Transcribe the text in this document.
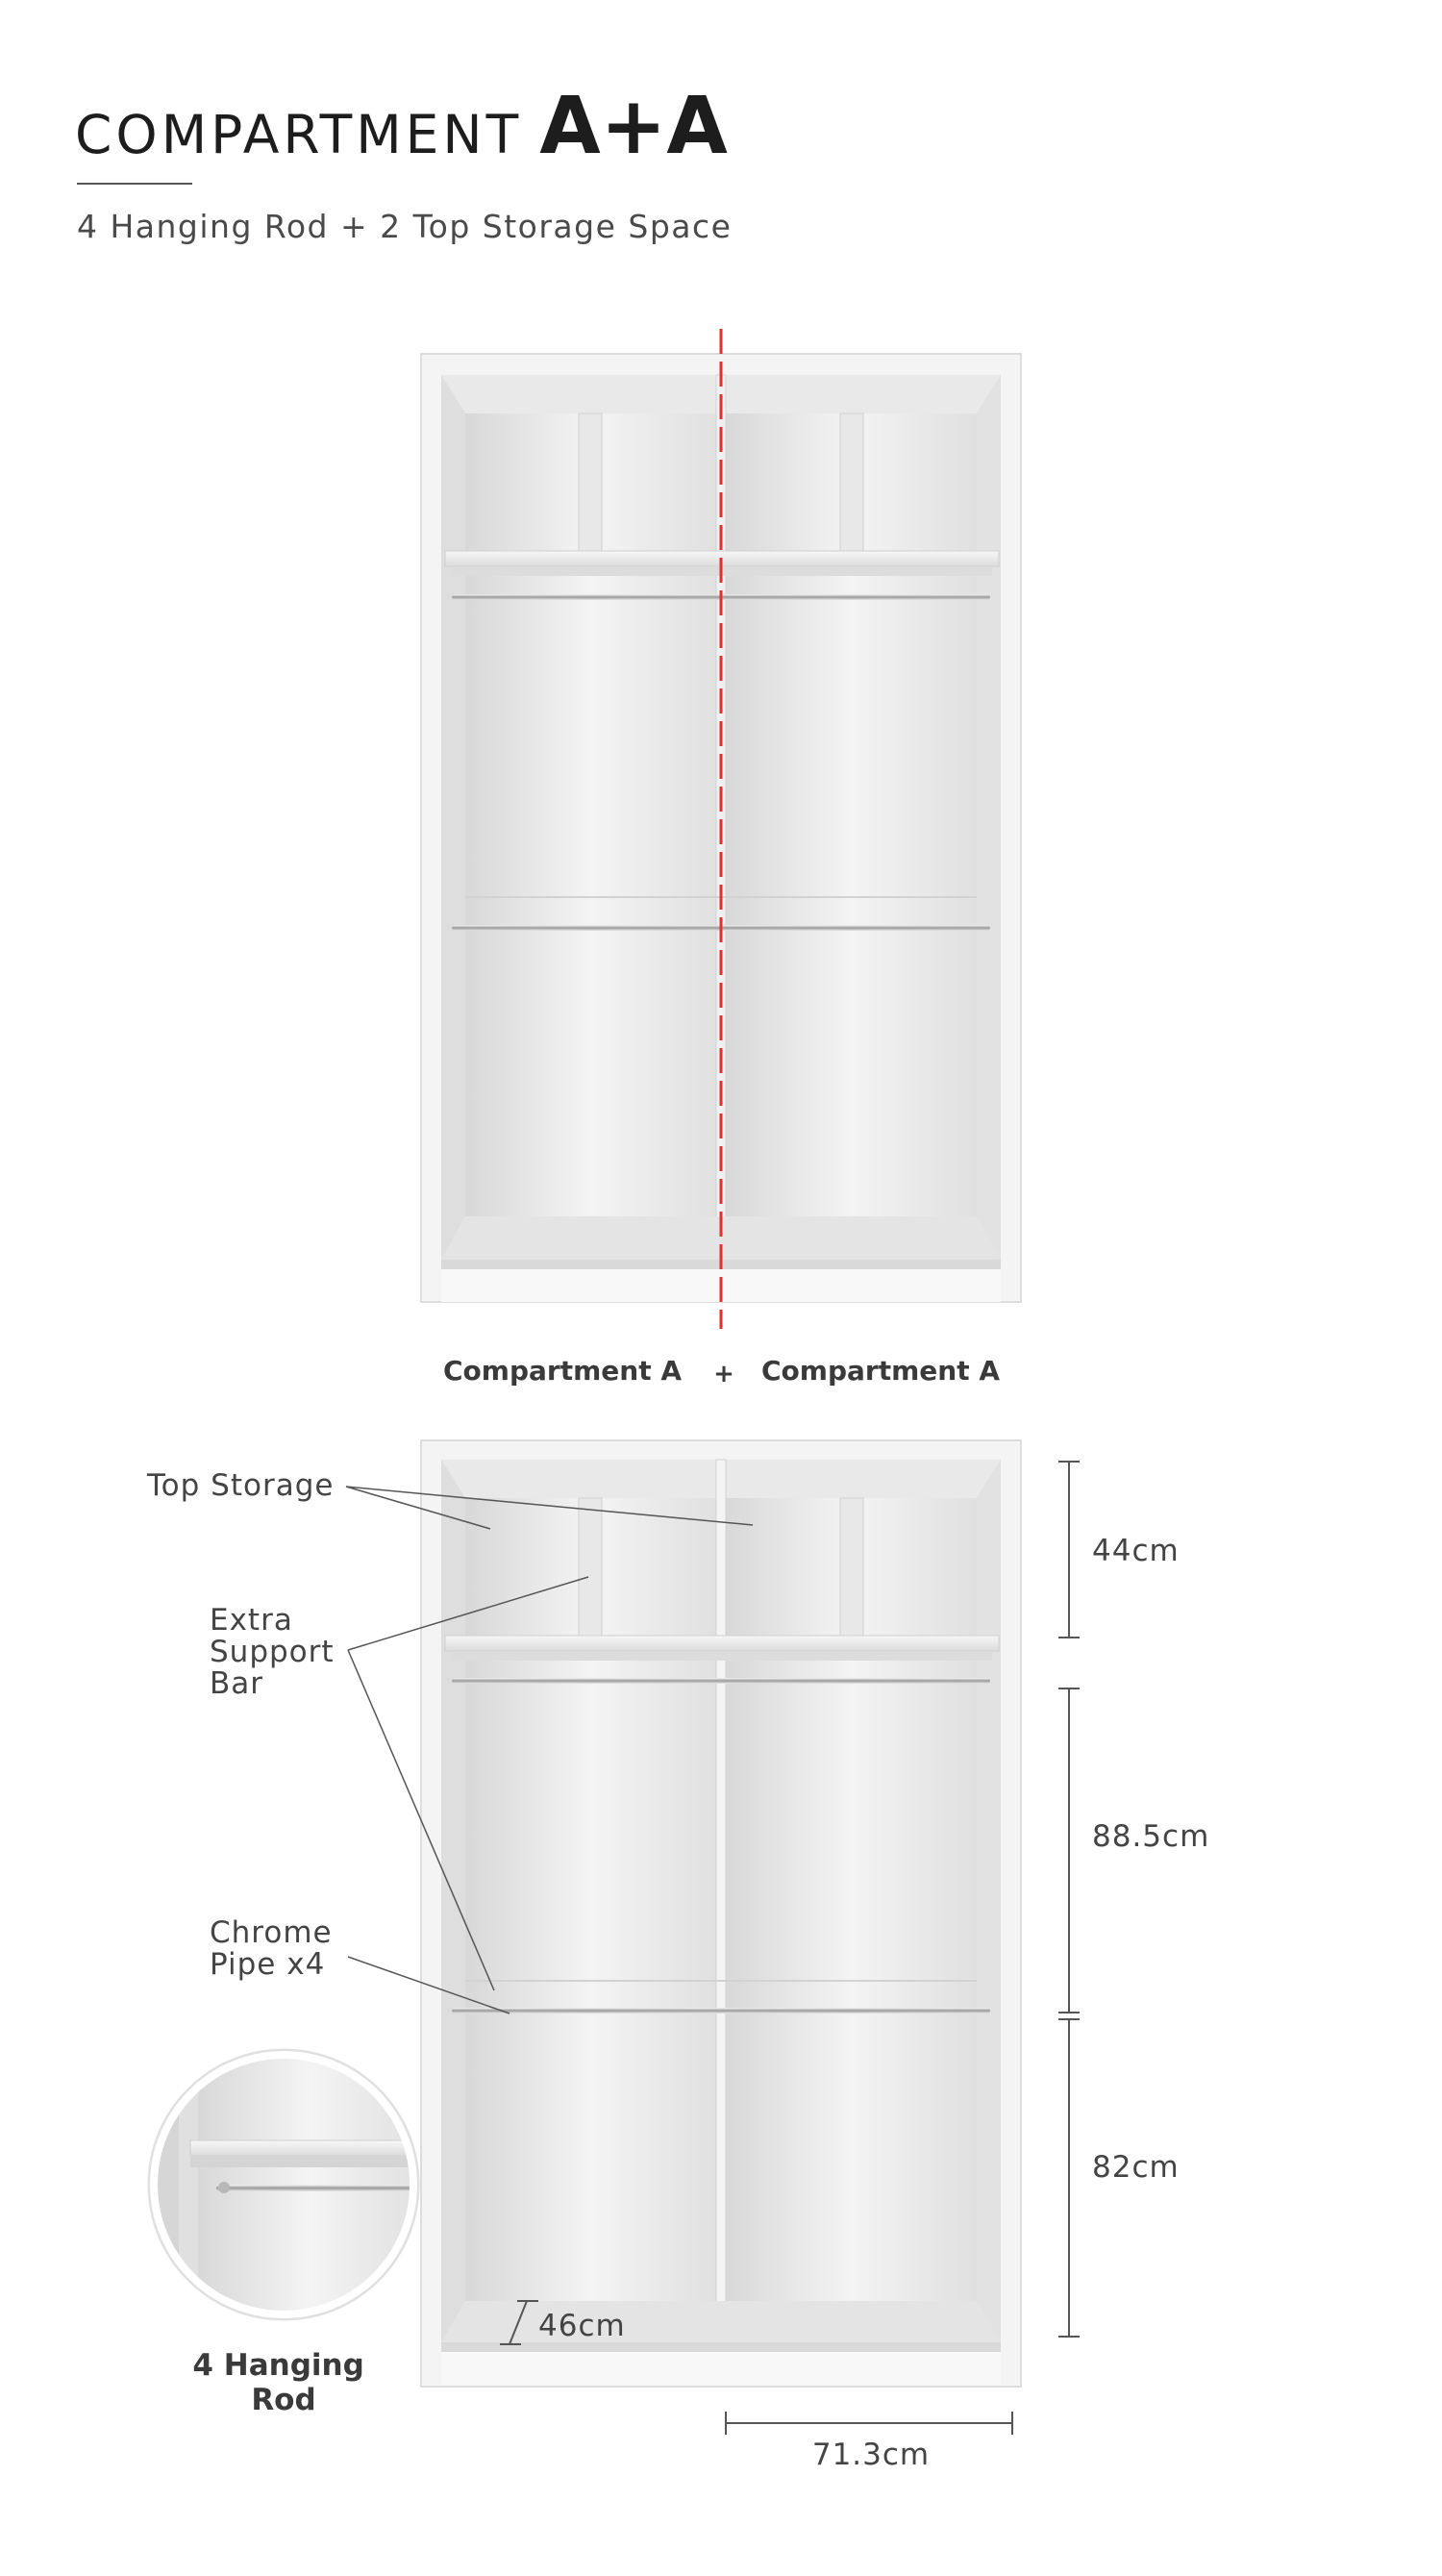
COMPARTMENT A+A
4 Hanging Rod + 2 Top Storage Space
Compartment A + Compartment A
Top Storage
Extra Support Bar
Chrome Pipe x4
4 Hanging Rod
44cm
88.5cm
82cm
46cm
71.3cm
